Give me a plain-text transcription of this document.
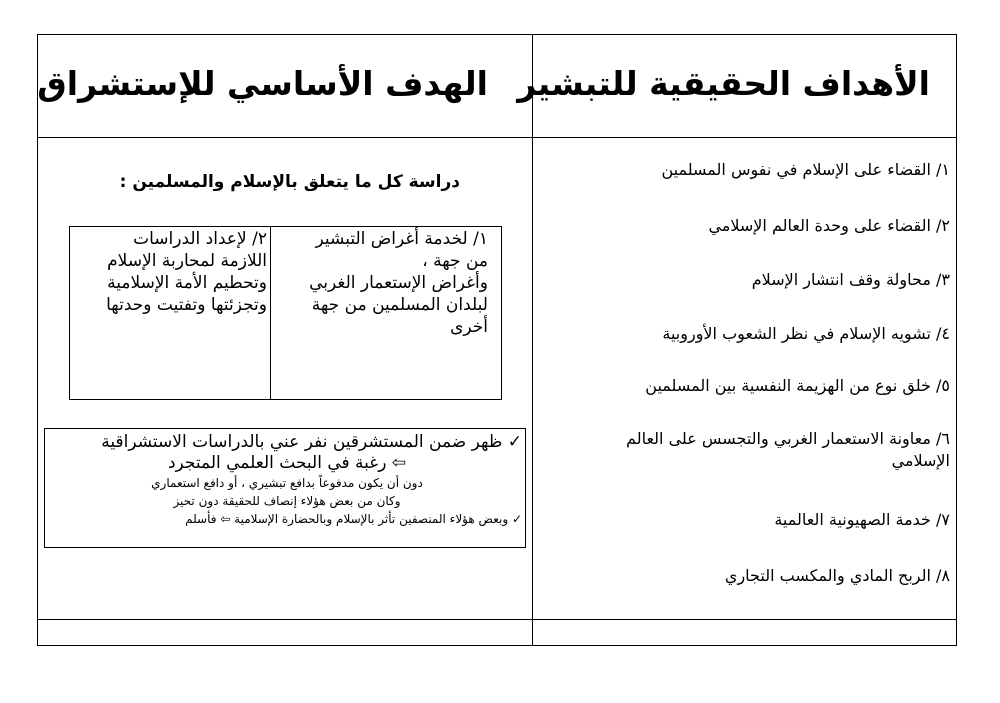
الأهداف الحقيقية للتبشير
الهدف الأساسي للإستشراق
١/ القضاء على الإسلام في نفوس المسلمين
٢/ القضاء على وحدة العالم الإسلامي
٣/ محاولة وقف انتشار الإسلام
٤/ تشويه الإسلام في نظر الشعوب الأوروبية
٥/ خلق نوع من الهزيمة النفسية بين المسلمين
٦/ معاونة الاستعمار الغربي والتجسس على العالم الإسلامي
٧/ خدمة الصهيونية العالمية
٨/ الربح المادي والمكسب التجاري
دراسة كل ما يتعلق بالإسلام والمسلمين :
١/ لخدمة أغراض التبشير
من جهة ،
وأغراض الإستعمار الغربي
لبلدان المسلمين من جهة
أخرى
٢/ لإعداد الدراسات
اللازمة لمحاربة الإسلام
وتحطيم الأمة الإسلامية
وتجزئتها وتفتيت وحدتها
✓ ظهر ضمن المستشرقين نفر عني بالدراسات الاستشراقية
⇦ رغبة في البحث العلمي المتجرد
دون أن يكون مدفوعاً بدافع تبشيري ، أو دافع استعماري
وكان من بعض هؤلاء إنصاف للحقيقة دون تحيز
✓ وبعض هؤلاء المنصفين تأثر بالإسلام وبالحضارة الإسلامية ⇦ فأسلم
